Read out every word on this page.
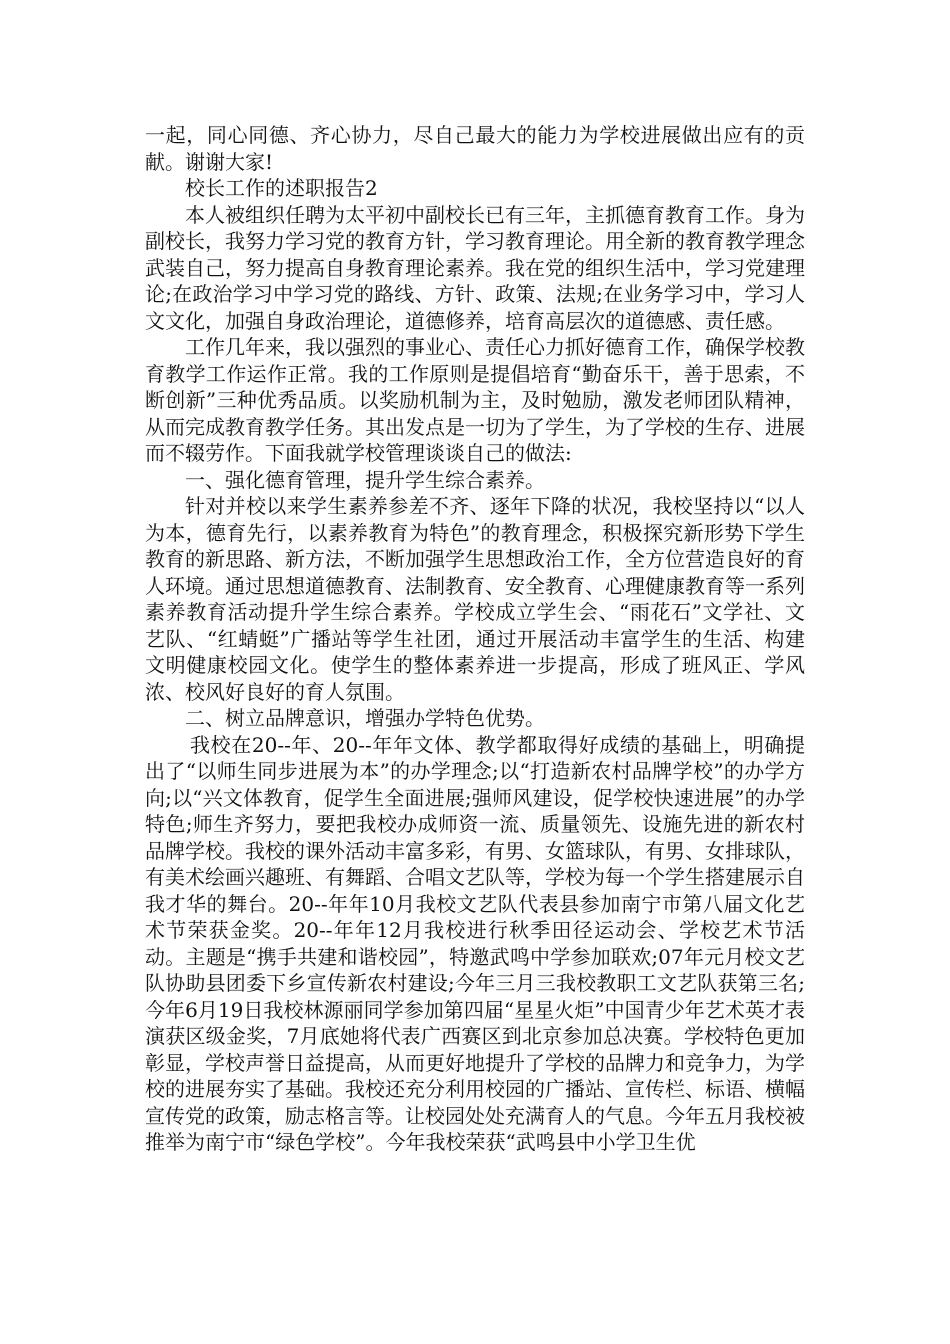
一起，同心同德、齐心协力，尽自己最大的能力为学校进展做出应有的贡献。谢谢大家!

校长工作的述职报告2

本人被组织任聘为太平初中副校长已有三年，主抓德育教育工作。身为副校长，我努力学习党的教育方针，学习教育理论。用全新的教育教学理念武装自己，努力提高自身教育理论素养。我在党的组织生活中，学习党建理论;在政治学习中学习党的路线、方针、政策、法规;在业务学习中，学习人文文化，加强自身政治理论，道德修养，培育高层次的道德感、责任感。

工作几年来，我以强烈的事业心、责任心力抓好德育工作，确保学校教育教学工作运作正常。我的工作原则是提倡培育“勤奋乐干，善于思索，不断创新”三种优秀品质。以奖励机制为主，及时勉励，激发老师团队精神，从而完成教育教学任务。其出发点是一切为了学生，为了学校的生存、进展而不辍劳作。下面我就学校管理谈谈自己的做法:

一、强化德育管理，提升学生综合素养。

针对并校以来学生素养参差不齐、逐年下降的状况，我校坚持以“以人为本，德育先行，以素养教育为特色”的教育理念，积极探究新形势下学生教育的新思路、新方法，不断加强学生思想政治工作，全方位营造良好的育人环境。通过思想道德教育、法制教育、安全教育、心理健康教育等一系列素养教育活动提升学生综合素养。学校成立学生会、“雨花石”文学社、文艺队、“红蜻蜓”广播站等学生社团，通过开展活动丰富学生的生活、构建文明健康校园文化。使学生的整体素养进一步提高，形成了班风正、学风浓、校风好良好的育人氛围。

二、树立品牌意识，增强办学特色优势。

我校在20--年、20--年年文体、教学都取得好成绩的基础上，明确提出了“以师生同步进展为本”的办学理念;以“打造新农村品牌学校”的办学方向;以“兴文体教育，促学生全面进展;强师风建设，促学校快速进展”的办学特色;师生齐努力，要把我校办成师资一流、质量领先、设施先进的新农村品牌学校。我校的课外活动丰富多彩，有男、女篮球队，有男、女排球队，有美术绘画兴趣班、有舞蹈、合唱文艺队等，学校为每一个学生搭建展示自我才华的舞台。20--年年10月我校文艺队代表县参加南宁市第八届文化艺术节荣获金奖。20--年年12月我校进行秋季田径运动会、学校艺术节活动。主题是“携手共建和谐校园”，特邀武鸣中学参加联欢;07年元月校文艺队协助县团委下乡宣传新农村建设;今年三月三我校教职工文艺队获第三名;今年6月19日我校林源丽同学参加第四届“星星火炬”中国青少年艺术英才表演获区级金奖，7月底她将代表广西赛区到北京参加总决赛。学校特色更加彰显，学校声誉日益提高，从而更好地提升了学校的品牌力和竞争力，为学校的进展夯实了基础。我校还充分利用校园的广播站、宣传栏、标语、横幅宣传党的政策，励志格言等。让校园处处充满育人的气息。今年五月我校被推举为南宁市“绿色学校”。今年我校荣获“武鸣县中小学卫生优
